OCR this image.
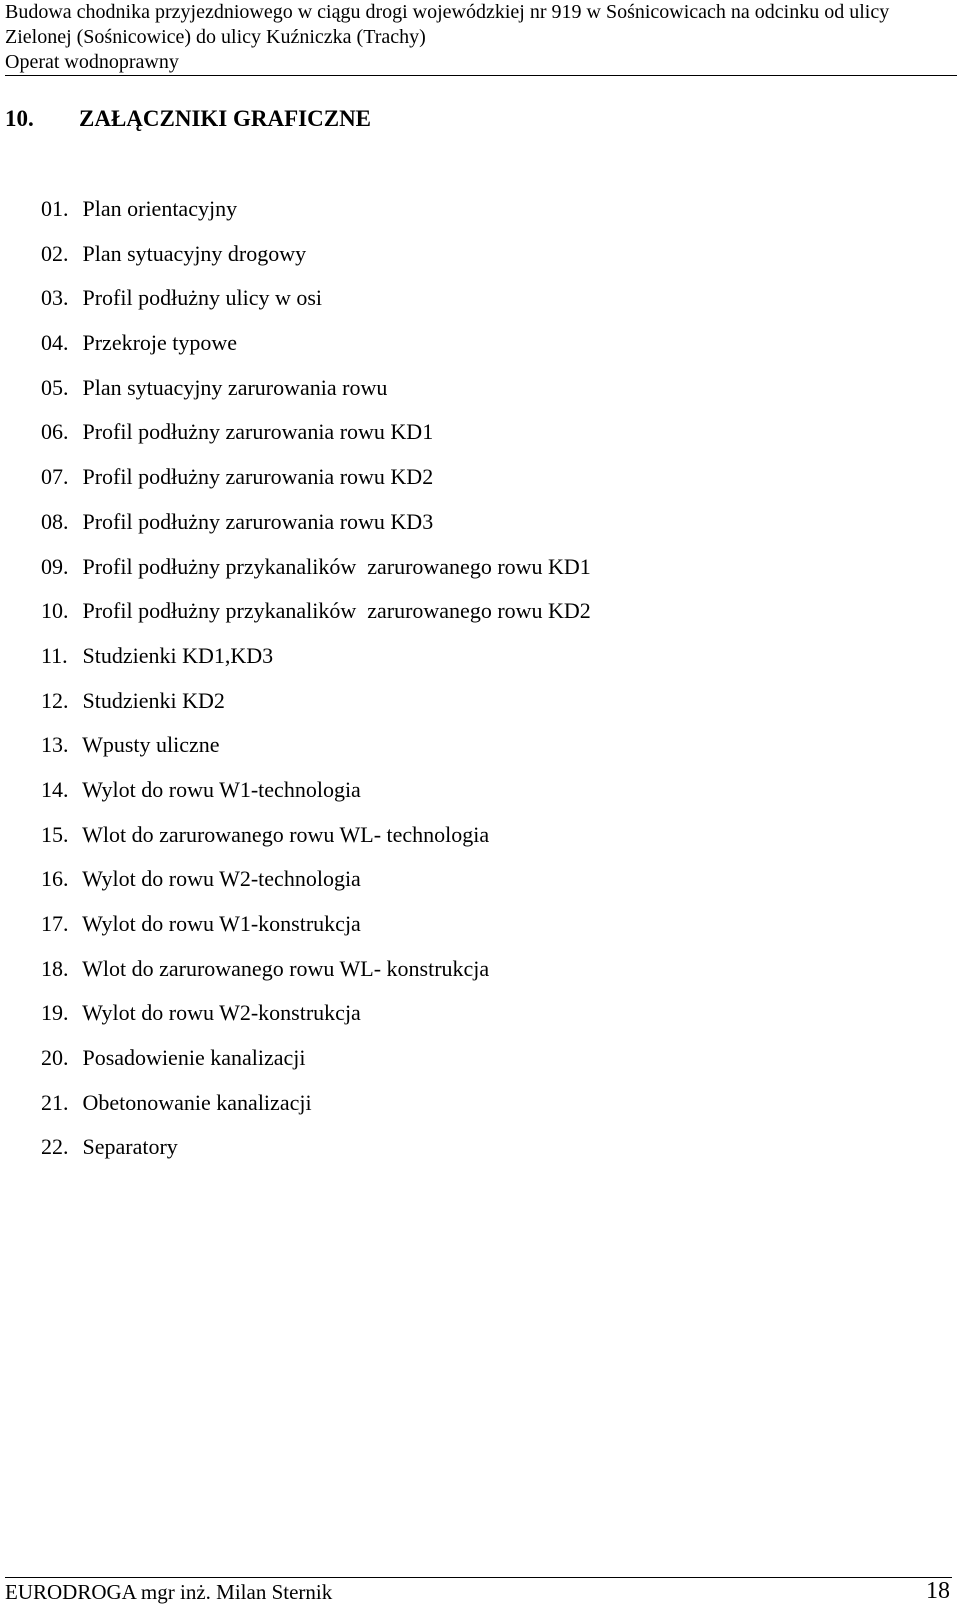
Budowa chodnika przyjezdniowego w ciągu drogi wojewódzkiej nr 919 w Sośnicowicach na odcinku od ulicy
Zielonej (Sośnicowice) do ulicy Kuźniczka (Trachy)
Operat wodnoprawny
10. ZAŁĄCZNIKI GRAFICZNE
01. Plan orientacyjny
02. Plan sytuacyjny drogowy
03. Profil podłużny ulicy w osi
04. Przekroje typowe
05. Plan sytuacyjny zarurowania rowu
06. Profil podłużny zarurowania rowu KD1
07. Profil podłużny zarurowania rowu KD2
08. Profil podłużny zarurowania rowu KD3
09. Profil podłużny przykanalików  zarurowanego rowu KD1
10. Profil podłużny przykanalików  zarurowanego rowu KD2
11. Studzienki KD1,KD3
12. Studzienki KD2
13. Wpusty uliczne
14. Wylot do rowu W1-technologia
15. Wlot do zarurowanego rowu WL- technologia
16. Wylot do rowu W2-technologia
17. Wylot do rowu W1-konstrukcja
18. Wlot do zarurowanego rowu WL- konstrukcja
19. Wylot do rowu W2-konstrukcja
20. Posadowienie kanalizacji
21. Obetonowanie kanalizacji
22. Separatory
EURODROGA mgr inż. Milan Sternik	18
